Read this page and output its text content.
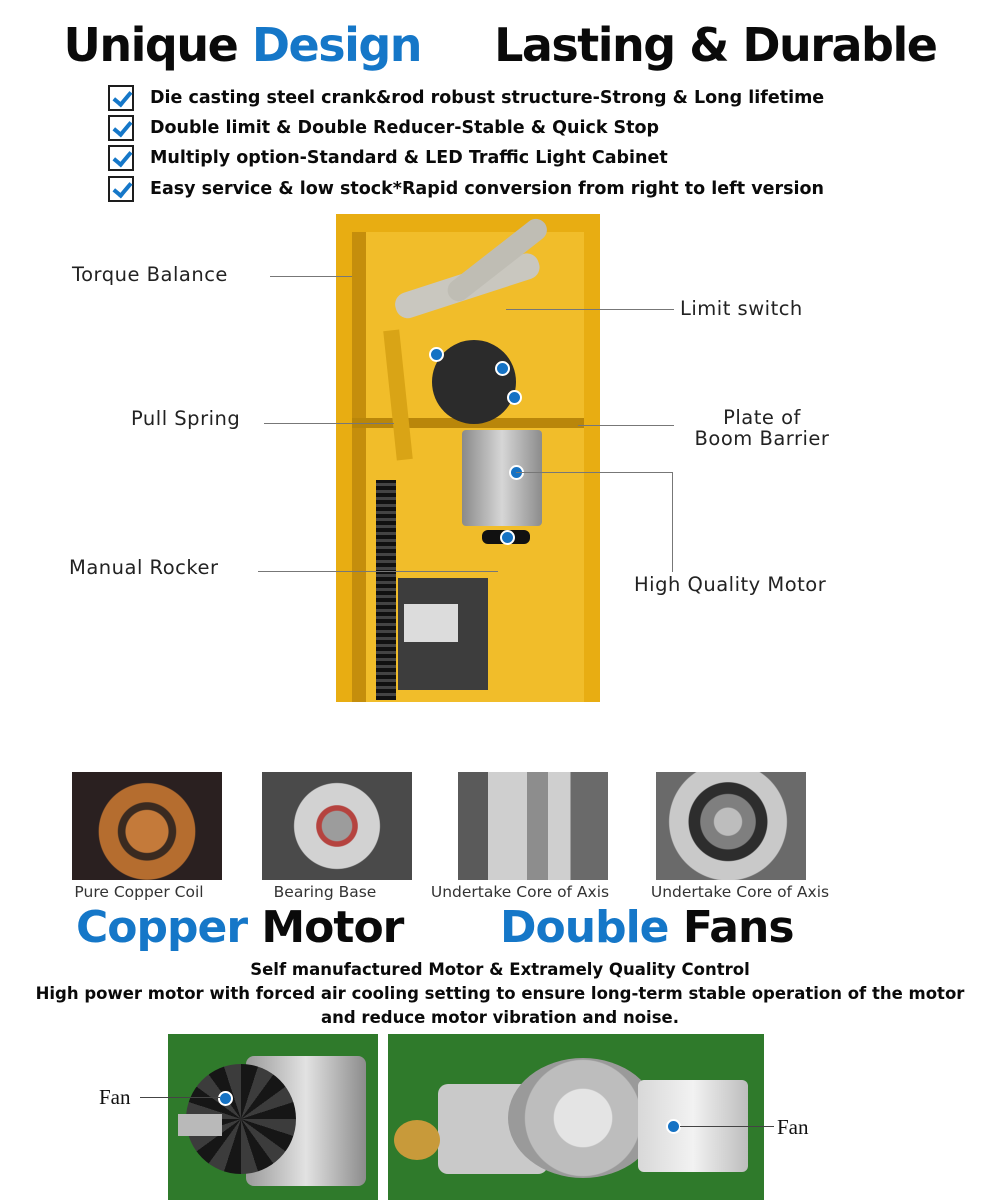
Unique Design Lasting & Durable
Die casting steel crank&rod robust structure-Strong & Long lifetime
Double limit & Double Reducer-Stable & Quick Stop
Multiply option-Standard & LED Traffic Light Cabinet
Easy service & low stock*Rapid conversion from right to left version
Torque Balance
Pull Spring
Manual Rocker
Limit switch
Plate of
Boom Barrier
High Quality Motor
Pure Copper Coil	Bearing Base	Undertake Core of Axis	Undertake Core of Axis
Copper Motor Double Fans
Self manufactured Motor & Extramely Quality Control
High power motor with forced air cooling setting to ensure long-term stable operation of the motor
and reduce motor vibration and noise.
Fan
Fan
